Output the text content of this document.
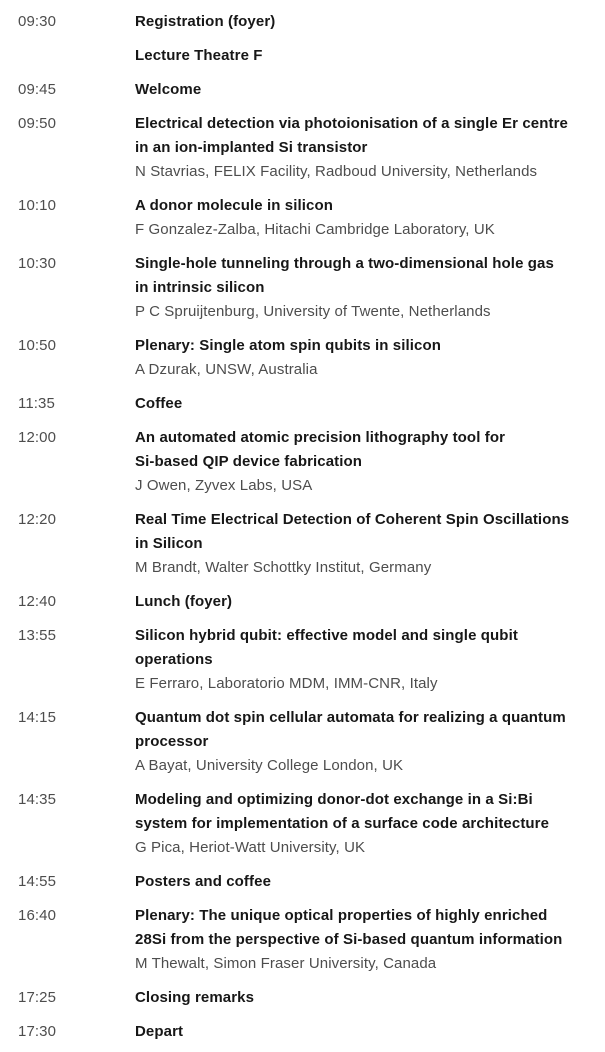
09:30	Registration (foyer)
Lecture Theatre F
09:45	Welcome
09:50	Electrical detection via photoionisation of a single Er centre
in an ion-implanted Si transistor
N Stavrias, FELIX Facility, Radboud University, Netherlands
10:10	A donor molecule in silicon
F Gonzalez-Zalba, Hitachi Cambridge Laboratory, UK
10:30	Single-hole tunneling through a two-dimensional hole gas
in intrinsic silicon
P C Spruijtenburg, University of Twente, Netherlands
10:50	Plenary: Single atom spin qubits in silicon
A Dzurak, UNSW, Australia
11:35	Coffee
12:00	An automated atomic precision lithography tool for
Si-based QIP device fabrication
J Owen, Zyvex Labs, USA
12:20	Real Time Electrical Detection of Coherent Spin Oscillations
in Silicon
M Brandt, Walter Schottky Institut, Germany
12:40	Lunch (foyer)
13:55	Silicon hybrid qubit: effective model and single qubit
operations
E Ferraro, Laboratorio MDM, IMM-CNR, Italy
14:15	Quantum dot spin cellular automata for realizing a quantum
processor
A Bayat, University College London, UK
14:35	Modeling and optimizing donor-dot exchange in a Si:Bi
system for implementation of a surface code architecture
G Pica, Heriot-Watt University, UK
14:55	Posters and coffee
16:40	Plenary: The unique optical properties of highly enriched
28Si from the perspective of Si-based quantum information
M Thewalt, Simon Fraser University, Canada
17:25	Closing remarks
17:30	Depart
